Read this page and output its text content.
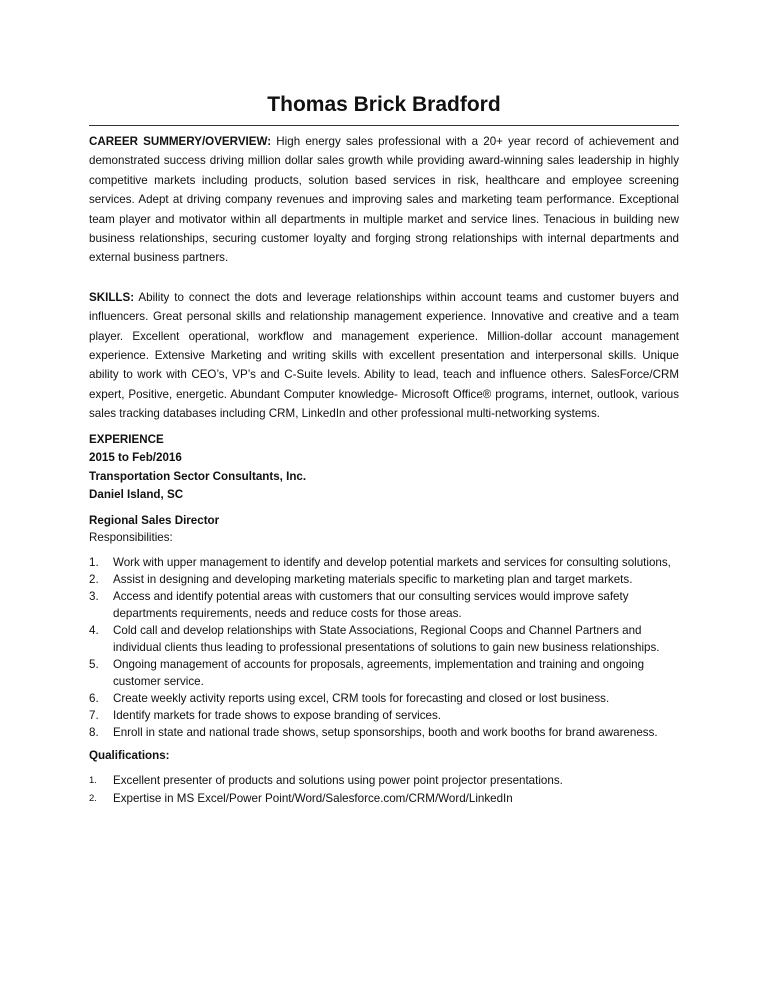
Thomas Brick Bradford

CAREER SUMMERY/OVERVIEW: High energy sales professional with a 20+ year record of achievement and demonstrated success driving million dollar sales growth while providing award-winning sales leadership in highly competitive markets including products, solution based services in risk, healthcare and employee screening services. Adept at driving company revenues and improving sales and marketing team performance. Exceptional team player and motivator within all departments in multiple market and service lines. Tenacious in building new business relationships, securing customer loyalty and forging strong relationships with internal departments and external business partners.

SKILLS: Ability to connect the dots and leverage relationships within account teams and customer buyers and influencers. Great personal skills and relationship management experience. Innovative and creative and a team player. Excellent operational, workflow and management experience. Million-dollar account management experience. Extensive Marketing and writing skills with excellent presentation and interpersonal skills. Unique ability to work with CEO’s, VP’s and C-Suite levels. Ability to lead, teach and influence others. SalesForce/CRM expert, Positive, energetic. Abundant Computer knowledge- Microsoft Office® programs, internet, outlook, various sales tracking databases including CRM, LinkedIn and other professional multi-networking systems.

EXPERIENCE

2015 to Feb/2016

Transportation Sector Consultants, Inc.

Daniel Island, SC

Regional Sales Director

Responsibilities:

1. Work with upper management to identify and develop potential markets and services for consulting solutions,
2. Assist in designing and developing marketing materials specific to marketing plan and target markets.
3. Access and identify potential areas with customers that our consulting services would improve safety departments requirements, needs and reduce costs for those areas.
4. Cold call and develop relationships with State Associations, Regional Coops and Channel Partners and individual clients thus leading to professional presentations of solutions to gain new business relationships.
5. Ongoing management of accounts for proposals, agreements, implementation and training and ongoing customer service.
6. Create weekly activity reports using excel, CRM tools for forecasting and closed or lost business.
7. Identify markets for trade shows to expose branding of services.
8. Enroll in state and national trade shows, setup sponsorships, booth and work booths for brand awareness.

Qualifications:

1. Excellent presenter of products and solutions using power point projector presentations.
2. Expertise in MS Excel/Power Point/Word/Salesforce.com/CRM/Word/LinkedIn
